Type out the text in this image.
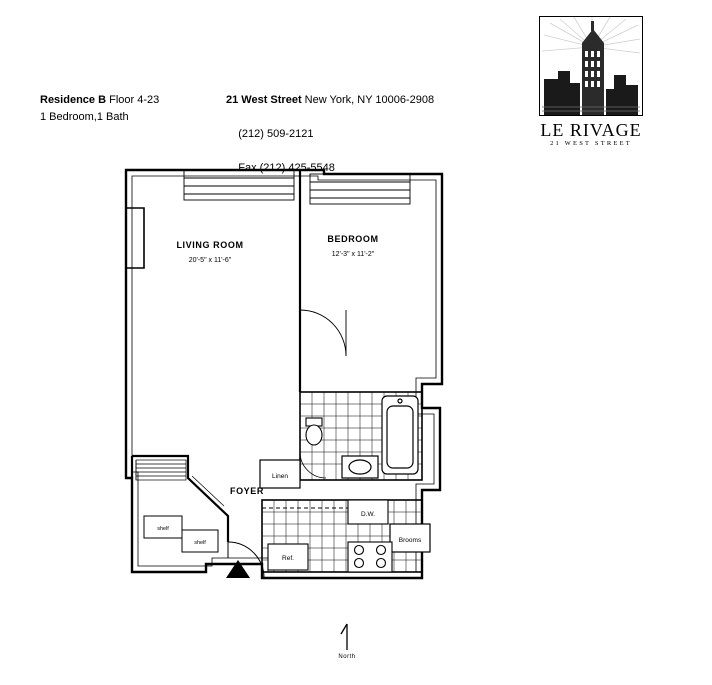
Residence B Floor 4-23
1 Bedroom,1 Bath
21 West Street New York, NY 10006-2908

(212) 509-2121

Fax (212) 425-5548

LE RIVAGE
21 WEST STREET
shelf
shelf
Linen
D.W.
Brooms
Ref.
LIVING ROOM
20'-5" x 11'-6"
BEDROOM
12'-3" x 11'-2"
FOYER
North
